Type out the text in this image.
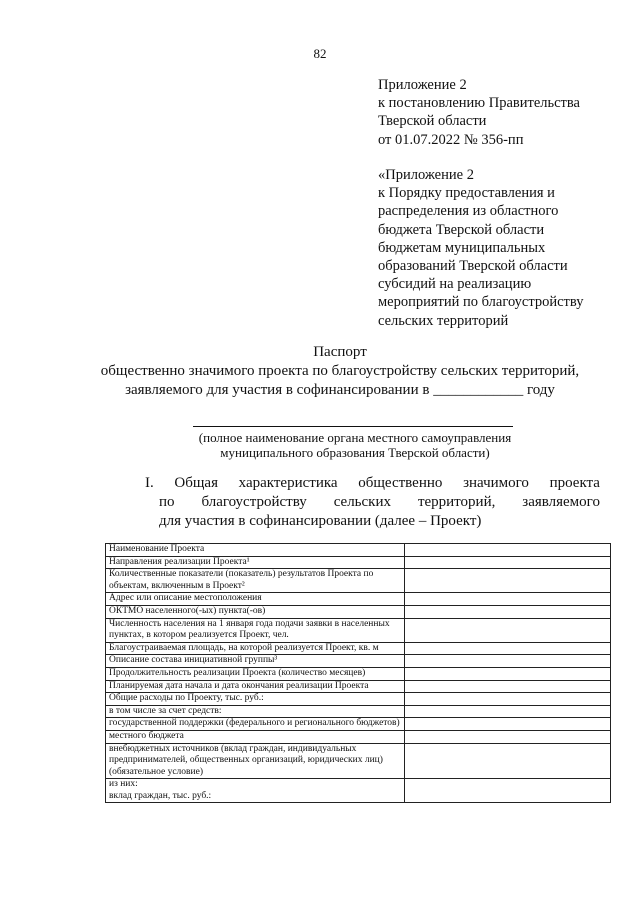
82
Приложение 2
к постановлению Правительства
Тверской области
от 01.07.2022 № 356-пп
«Приложение 2
к Порядку предоставления и
распределения из областного
бюджета Тверской области
бюджетам муниципальных
образований Тверской области
субсидий на реализацию
мероприятий по благоустройству
сельских территорий
Паспорт
общественно значимого проекта по благоустройству сельских территорий,
заявляемого для участия в софинансировании в ____________ году
(полное наименование органа местного самоуправления
муниципального образования Тверской области)
I. Общая характеристика общественно значимого проекта
по благоустройству сельских территорий, заявляемого
для участия в софинансировании (далее – Проект)
Наименование Проекта	
Направления реализации Проекта¹	
Количественные показатели (показатель) результатов Проекта по объектам, включенным в Проект²	
Адрес или описание местоположения	
ОКТМО населенного(-ых) пункта(-ов)	
Численность населения на 1 января года подачи заявки в населенных пунктах, в котором реализуется Проект, чел.	
Благоустраиваемая площадь, на которой реализуется Проект, кв. м	
Описание состава инициативной группы³	
Продолжительность реализации Проекта (количество месяцев)	
Планируемая дата начала и дата окончания реализации Проекта	
Общие расходы по Проекту, тыс. руб.:	
в том числе за счет средств:	
государственной поддержки (федерального и регионального бюджетов)	
местного бюджета	
внебюджетных источников (вклад граждан, индивидуальных предпринимателей, общественных организаций, юридических лиц) (обязательное условие)	
из них:
вклад граждан, тыс. руб.:	
